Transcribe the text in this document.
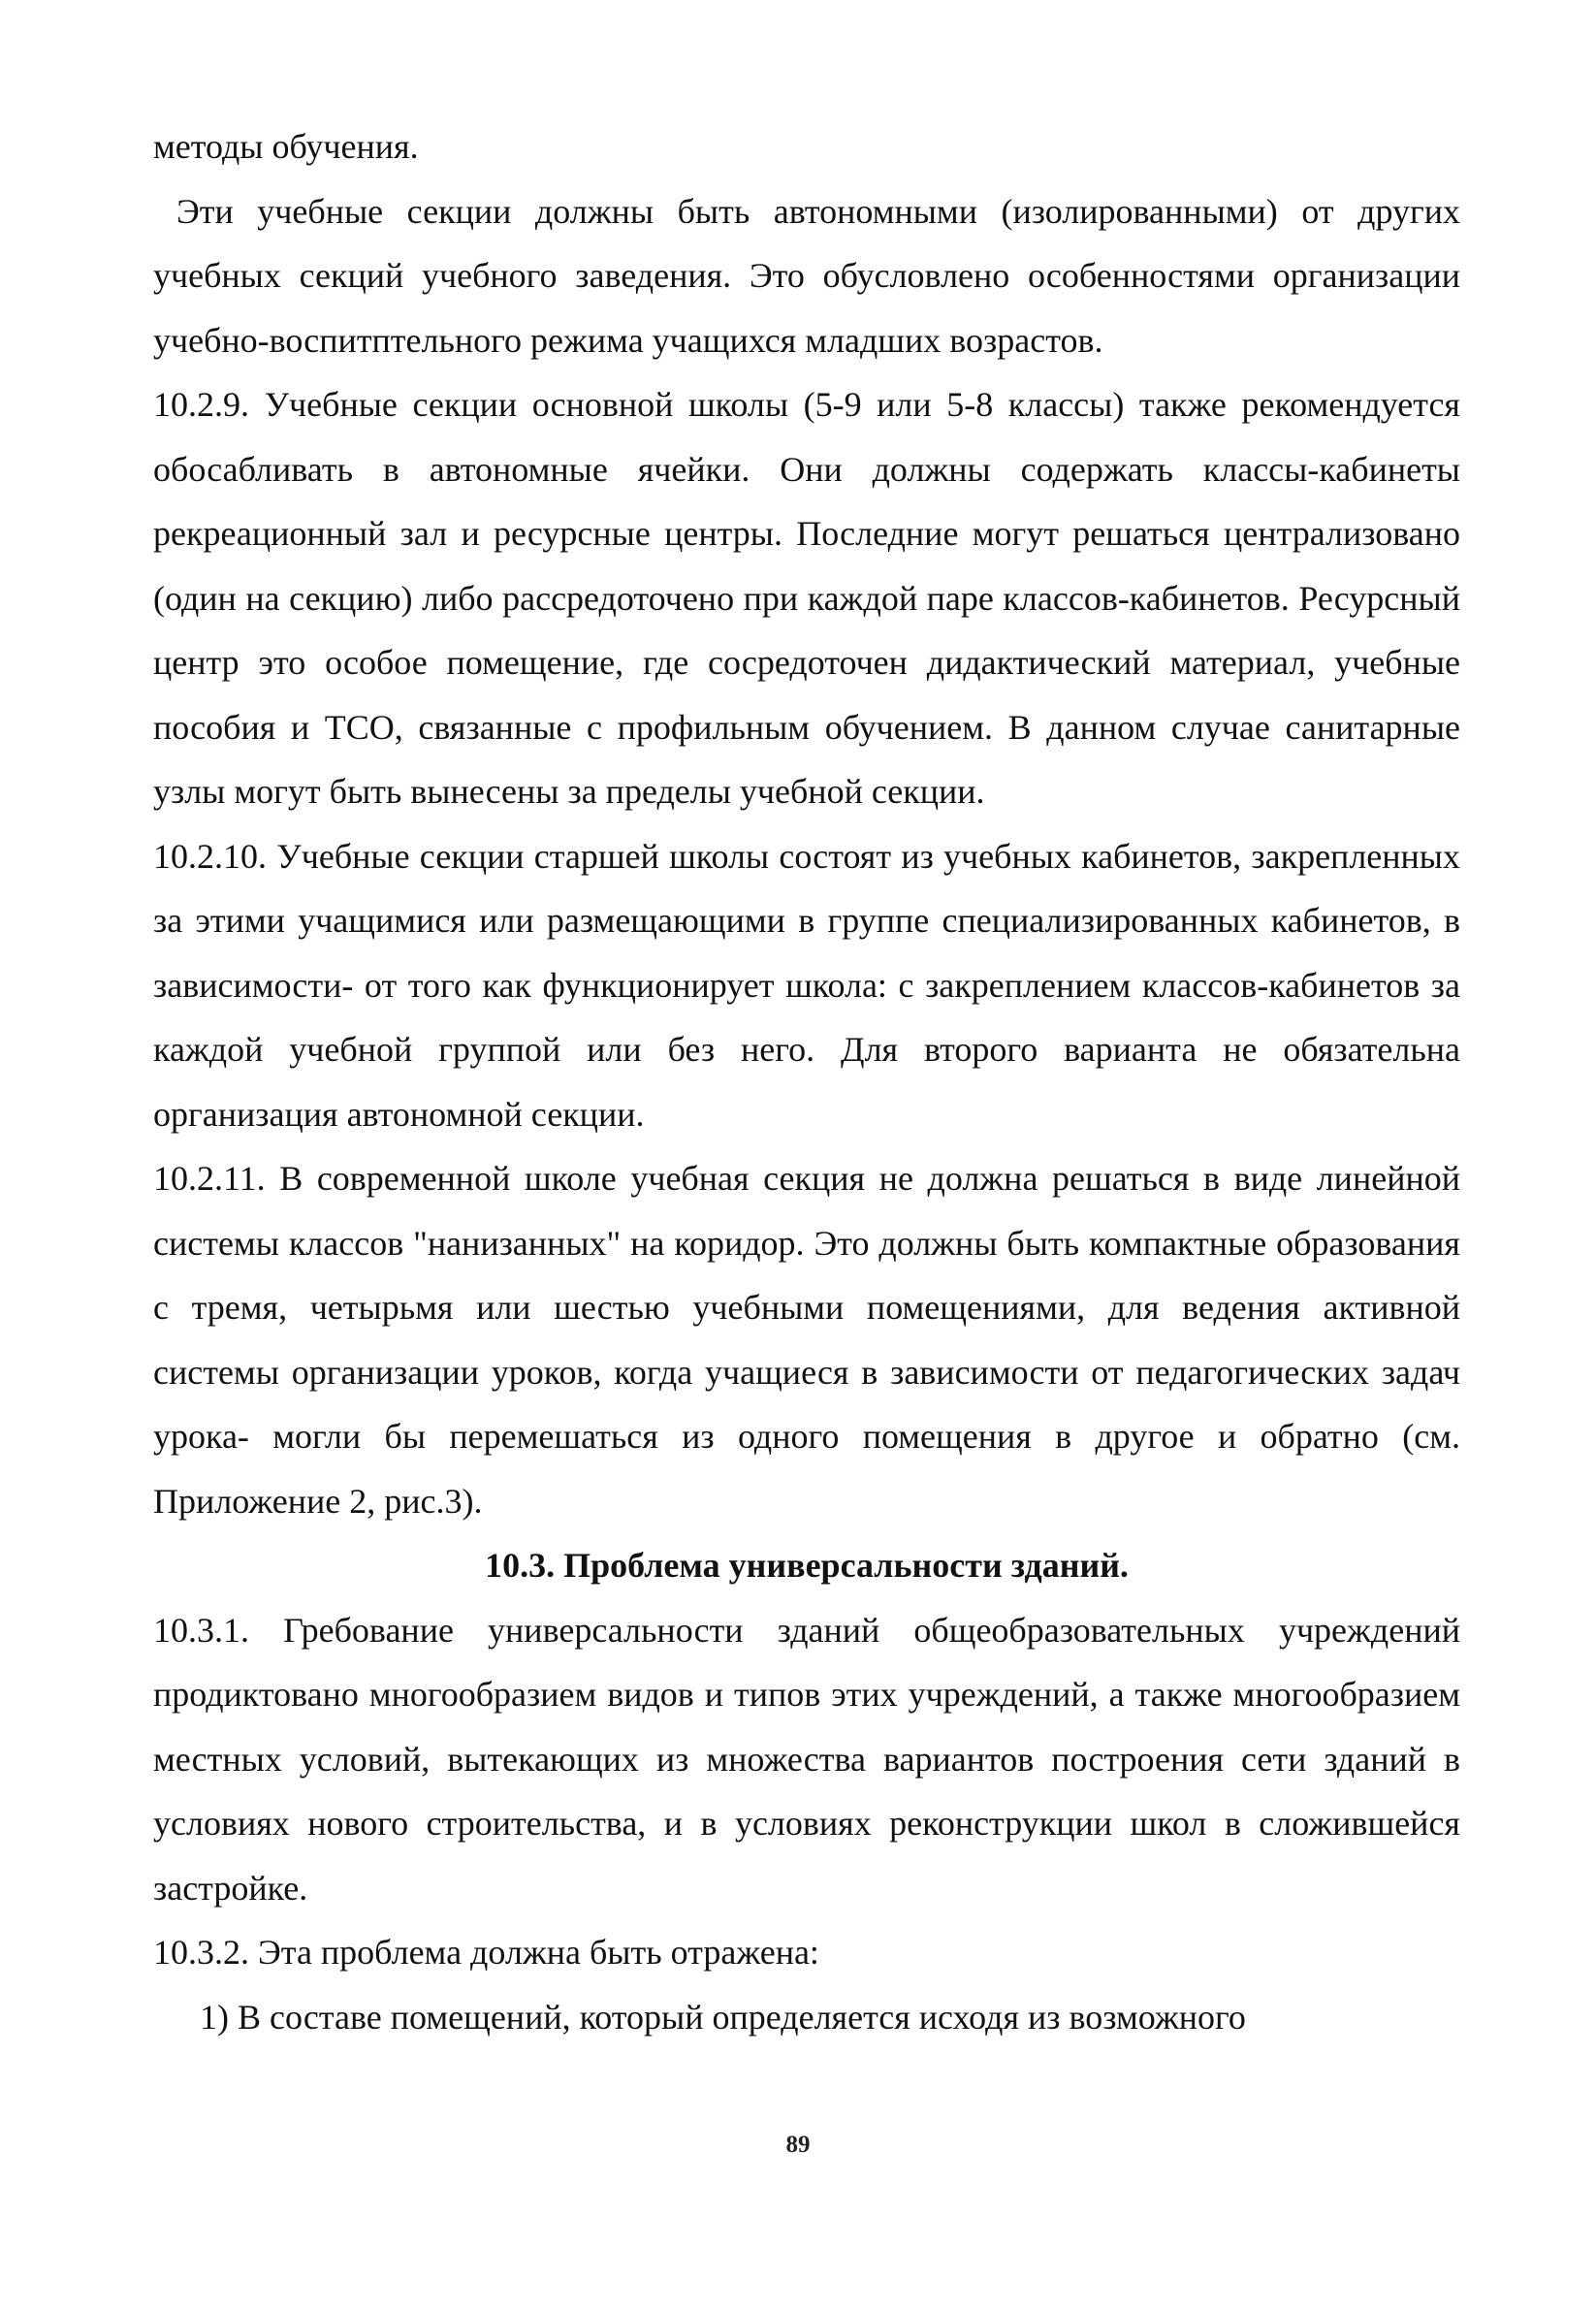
методы обучения.

Эти учебные секции должны быть автономными (изолированными) от других учебных секций учебного заведения. Это обусловлено особенностями организации учебно-воспитптельного режима учащихся младших возрастов.

10.2.9. Учебные секции основной школы (5-9 или 5-8 классы) также рекомендуется обосабливать в автономные ячейки. Они должны содержать классы-кабинеты рекреационный зал и ресурсные центры. Последние могут решаться централизовано (один на секцию) либо рассредоточено при каждой паре классов-кабинетов. Ресурсный центр это особое помещение, где сосредоточен дидактический материал, учебные пособия и ТСО, связанные с профильным обучением. В данном случае санитарные узлы могут быть вынесены за пределы учебной секции.

10.2.10. Учебные секции старшей школы состоят из учебных кабинетов, закрепленных за этими учащимися или размещающими в группе специализированных кабинетов, в зависимости- от того как функционирует школа: с закреплением классов-кабинетов за каждой учебной группой или без него. Для второго варианта не обязательна организация автономной секции.

10.2.11. В современной школе учебная секция не должна решаться в виде линейной системы классов "нанизанных" на коридор. Это должны быть компактные образования с тремя, четырьмя или шестью учебными помещениями, для ведения активной системы организации уроков, когда учащиеся в зависимости от педагогических задач урока- могли бы перемешаться из одного помещения в другое и обратно (см. Приложение 2, рис.3).

10.3. Проблема универсальности зданий.

10.3.1. Гребование универсальности зданий общеобразовательных учреждений продиктовано многообразием видов и типов этих учреждений, а также многообразием местных условий, вытекающих из множества вариантов построения сети зданий в условиях нового строительства, и в условиях реконструкции школ в сложившейся застройке.

10.3.2. Эта проблема должна быть отражена:

1) В составе помещений, который определяется исходя из возможного

89
